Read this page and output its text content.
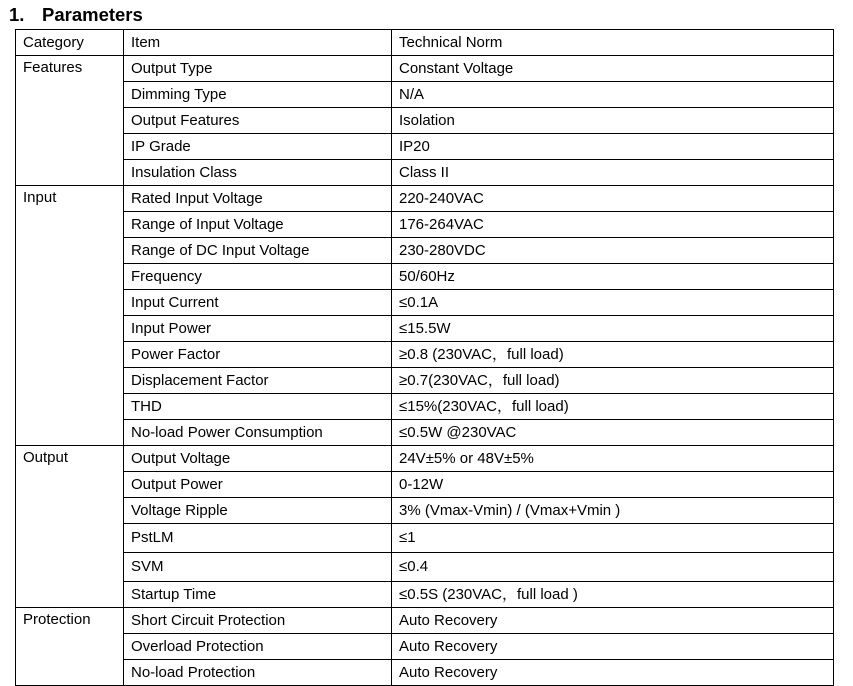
1. Parameters
Category	Item	Technical Norm
Features	Output Type	Constant Voltage
	Dimming Type	N/A
	Output Features	Isolation
	IP Grade	IP20
	Insulation Class	Class II
Input	Rated Input Voltage	220-240VAC
	Range of Input Voltage	176-264VAC
	Range of DC Input Voltage	230-280VDC
	Frequency	50/60Hz
	Input Current	≤0.1A
	Input Power	≤15.5W
	Power Factor	≥0.8 (230VAC，full load)
	Displacement Factor	≥0.7(230VAC，full load)
	THD	≤15%(230VAC，full load)
	No-load Power Consumption	≤0.5W @230VAC
Output	Output Voltage	24V±5% or 48V±5%
	Output Power	0-12W
	Voltage Ripple	3% (Vmax-Vmin) / (Vmax+Vmin )
	PstLM	≤1
	SVM	≤0.4
	Startup Time	≤0.5S (230VAC，full load )
Protection	Short Circuit Protection	Auto Recovery
	Overload Protection	Auto Recovery
	No-load Protection	Auto Recovery
